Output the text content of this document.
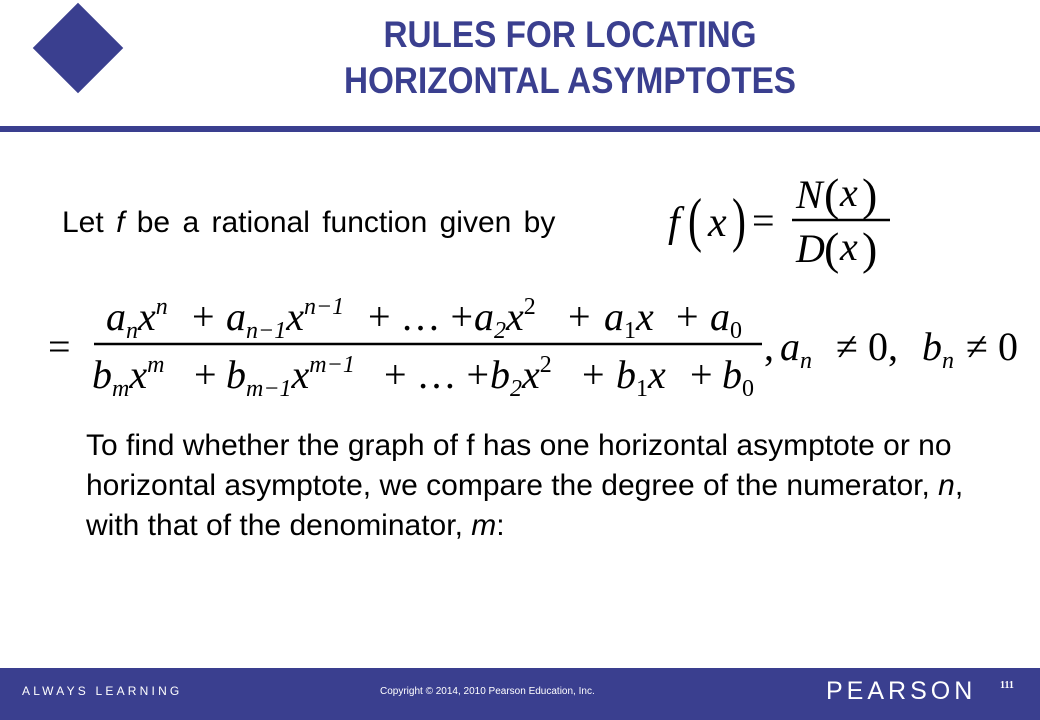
RULES FOR LOCATING
HORIZONTAL ASYMPTOTES
Let f be a rational function given by	f ( x ) =
N ( x )
D ( x )
=
$a_nx^n + a_{n-1}x^{n-1}$ + … + $a_2x^2 + a_1x + a_0$
$b_mx^m + b_{m-1}x^{m-1}$ + … + $b_2x^2 + b_1x + b_0$
, $a_n \ne 0$, $b_n \ne 0$
To find whether the graph of f has one horizontal asymptote or no horizontal asymptote, we compare the degree of the numerator, n, with that of the denominator, m:
ALWAYS LEARNING	Copyright © 2014, 2010 Pearson Education, Inc.	PEARSON 111
